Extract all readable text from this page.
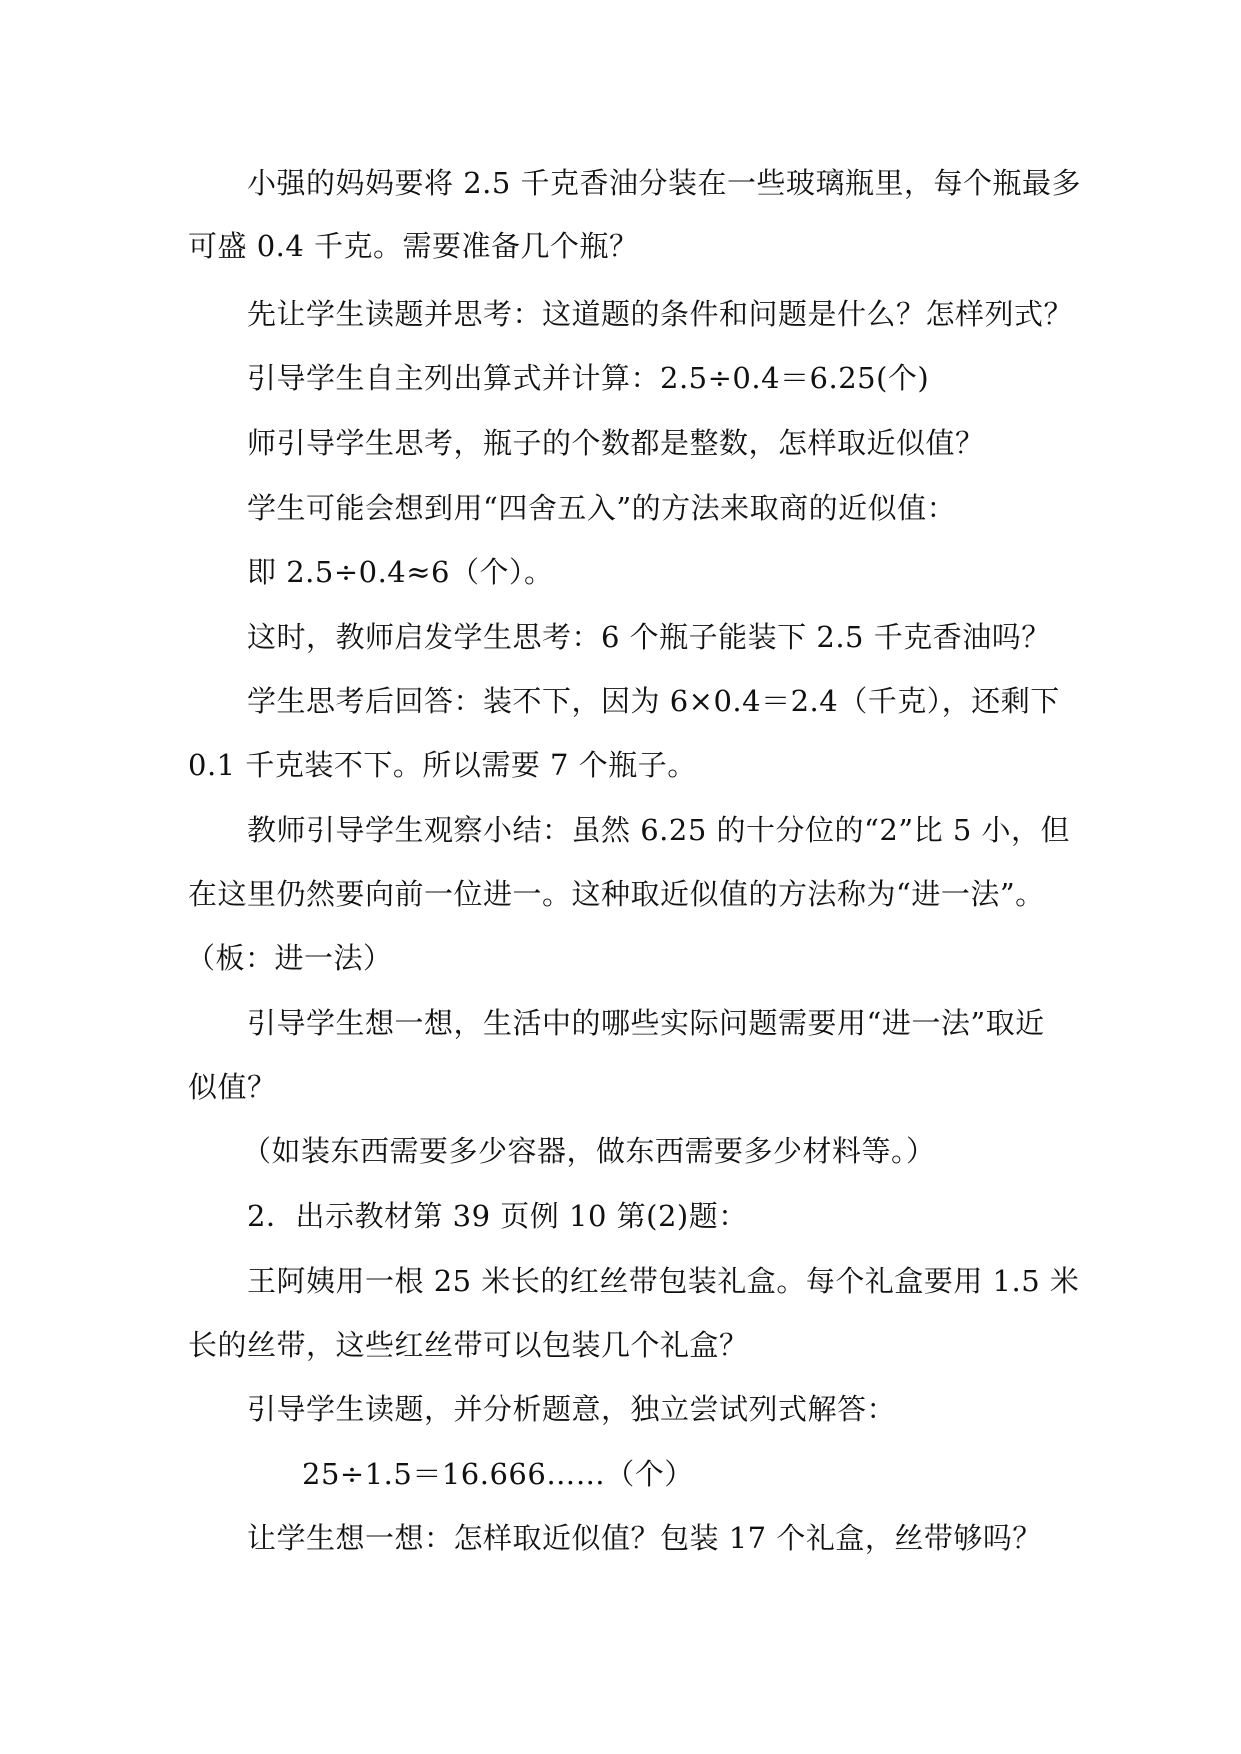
小强的妈妈要将 2.5 千克香油分装在一些玻璃瓶里，每个瓶最多
可盛 0.4 千克。需要准备几个瓶？
先让学生读题并思考：这道题的条件和问题是什么？怎样列式？
引导学生自主列出算式并计算：2.5÷0.4＝6.25(个)
师引导学生思考，瓶子的个数都是整数，怎样取近似值？
学生可能会想到用“四舍五入”的方法来取商的近似值：
即 2.5÷0.4≈6（个）。
这时，教师启发学生思考：6 个瓶子能装下 2.5 千克香油吗？
学生思考后回答：装不下，因为 6×0.4＝2.4（千克），还剩下
0.1 千克装不下。所以需要 7 个瓶子。
教师引导学生观察小结：虽然 6.25 的十分位的“2”比 5 小，但
在这里仍然要向前一位进一。这种取近似值的方法称为“进一法”。
（板：进一法）
引导学生想一想，生活中的哪些实际问题需要用“进一法”取近
似值？
（如装东西需要多少容器，做东西需要多少材料等。）
2．出示教材第 39 页例 10 第(2)题：
王阿姨用一根 25 米长的红丝带包装礼盒。每个礼盒要用 1.5 米
长的丝带，这些红丝带可以包装几个礼盒？
引导学生读题，并分析题意，独立尝试列式解答：
25÷1.5＝16.666……（个）
让学生想一想：怎样取近似值？包装 17 个礼盒，丝带够吗？
